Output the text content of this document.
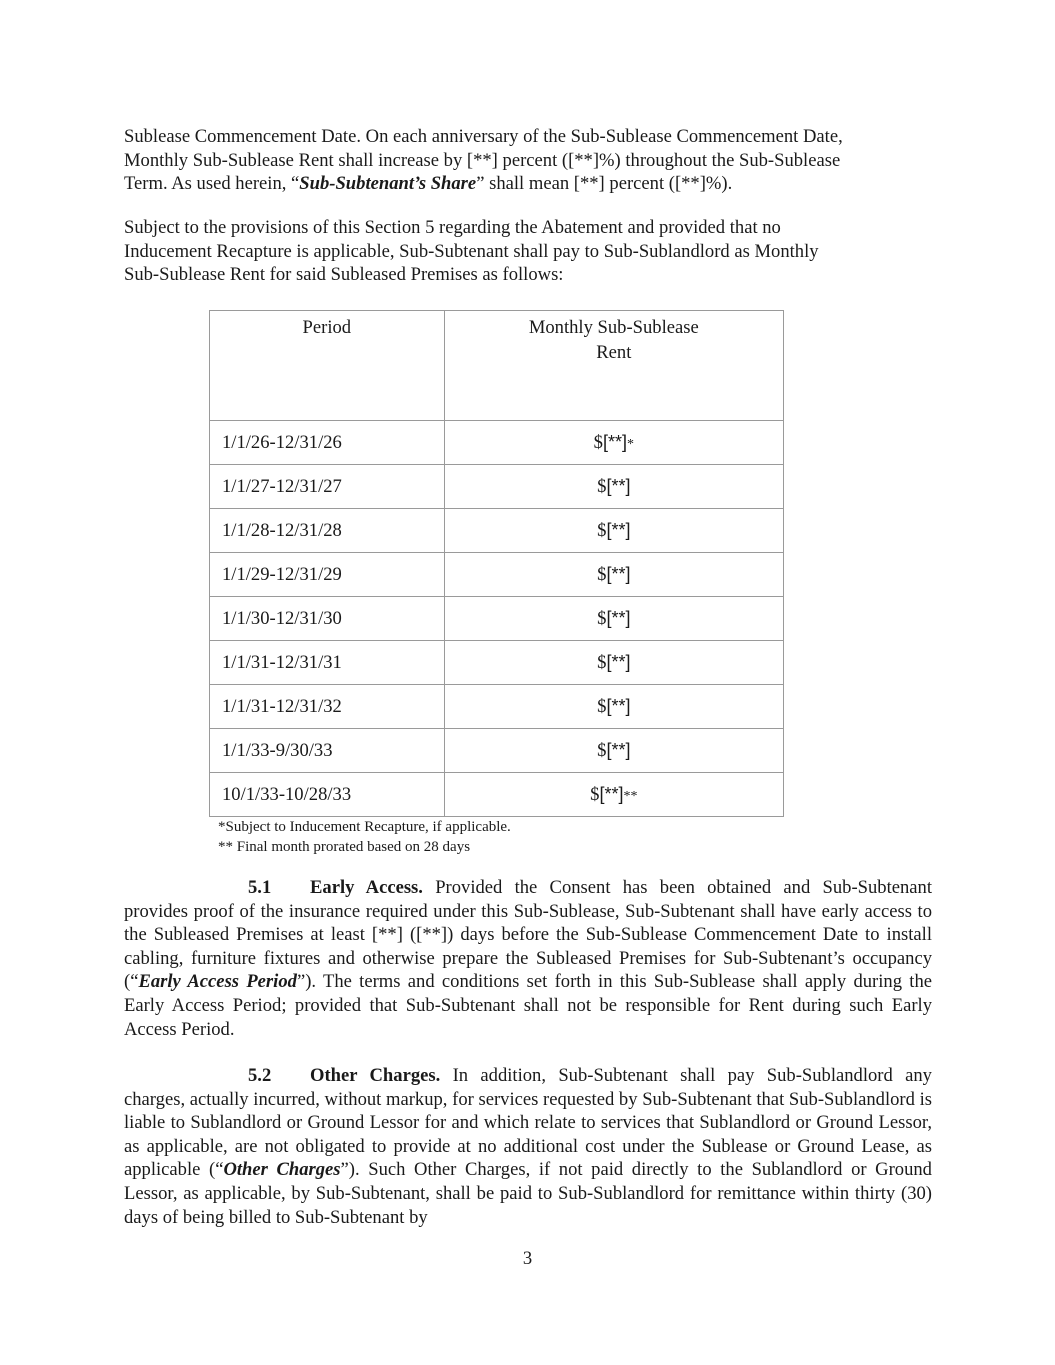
Sublease Commencement Date. On each anniversary of the Sub-Sublease Commencement Date,
Monthly Sub-Sublease Rent shall increase by [**] percent ([**]%) throughout the Sub-Sublease
Term. As used herein, “Sub-Subtenant’s Share” shall mean [**] percent ([**]%).

Subject to the provisions of this Section 5 regarding the Abatement and provided that no
Inducement Recapture is applicable, Sub-Subtenant shall pay to Sub-Sublandlord as Monthly
Sub-Sublease Rent for said Subleased Premises as follows:

Period	Monthly Sub-Sublease
Rent
1/1/26-12/31/26	$[**]*
1/1/27-12/31/27	$[**]
1/1/28-12/31/28	$[**]
1/1/29-12/31/29	$[**]
1/1/30-12/31/30	$[**]
1/1/31-12/31/31	$[**]
1/1/31-12/31/32	$[**]
1/1/33-9/30/33	$[**]
10/1/33-10/28/33	$[**]**
*Subject to Inducement Recapture, if applicable.
** Final month prorated based on 28 days

5.1 Early Access. Provided the Consent has been obtained and Sub-Subtenant provides proof of the insurance required under this Sub-Sublease, Sub-Subtenant shall have early access to the Subleased Premises at least [**] ([**]) days before the Sub-Sublease Commencement Date to install cabling, furniture fixtures and otherwise prepare the Subleased Premises for Sub-Subtenant’s occupancy (“Early Access Period”). The terms and conditions set forth in this Sub-Sublease shall apply during the Early Access Period; provided that Sub-Subtenant shall not be responsible for Rent during such Early Access Period.

5.2 Other Charges. In addition, Sub-Subtenant shall pay Sub-Sublandlord any charges, actually incurred, without markup, for services requested by Sub-Subtenant that Sub-Sublandlord is liable to Sublandlord or Ground Lessor for and which relate to services that Sublandlord or Ground Lessor, as applicable, are not obligated to provide at no additional cost under the Sublease or Ground Lease, as applicable (“Other Charges”). Such Other Charges, if not paid directly to the Sublandlord or Ground Lessor, as applicable, by Sub-Subtenant, shall be paid to Sub-Sublandlord for remittance within thirty (30) days of being billed to Sub-Subtenant by

3
